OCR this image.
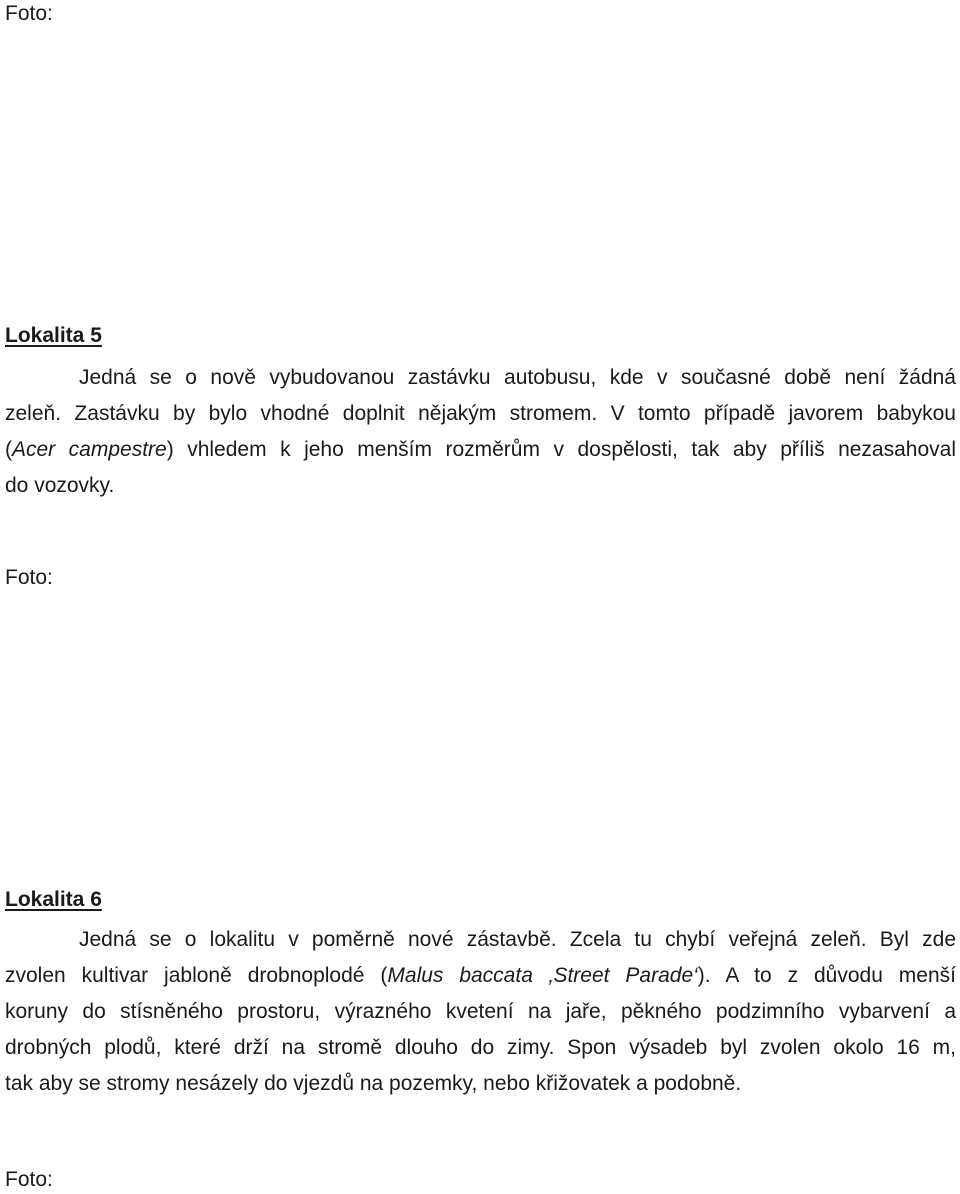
Foto:
Lokalita 5
Jedná se o nově vybudovanou zastávku autobusu, kde v současné době není žádná
zeleň. Zastávku by bylo vhodné doplnit nějakým stromem. V tomto případě javorem babykou
(Acer campestre) vhledem k jeho menším rozměrům v dospělosti, tak aby příliš nezasahoval
do vozovky.
Foto:
Lokalita 6
Jedná se o lokalitu v poměrně nové zástavbě. Zcela tu chybí veřejná zeleň. Byl zde
zvolen kultivar jabloně drobnoplodé (Malus baccata ‚Street Parade‘). A to z důvodu menší
koruny do stísněného prostoru, výrazného kvetení na jaře, pěkného podzimního vybarvení a
drobných plodů, které drží na stromě dlouho do zimy. Spon výsadeb byl zvolen okolo 16 m,
tak aby se stromy nesázely do vjezdů na pozemky, nebo křižovatek a podobně.
Foto:
